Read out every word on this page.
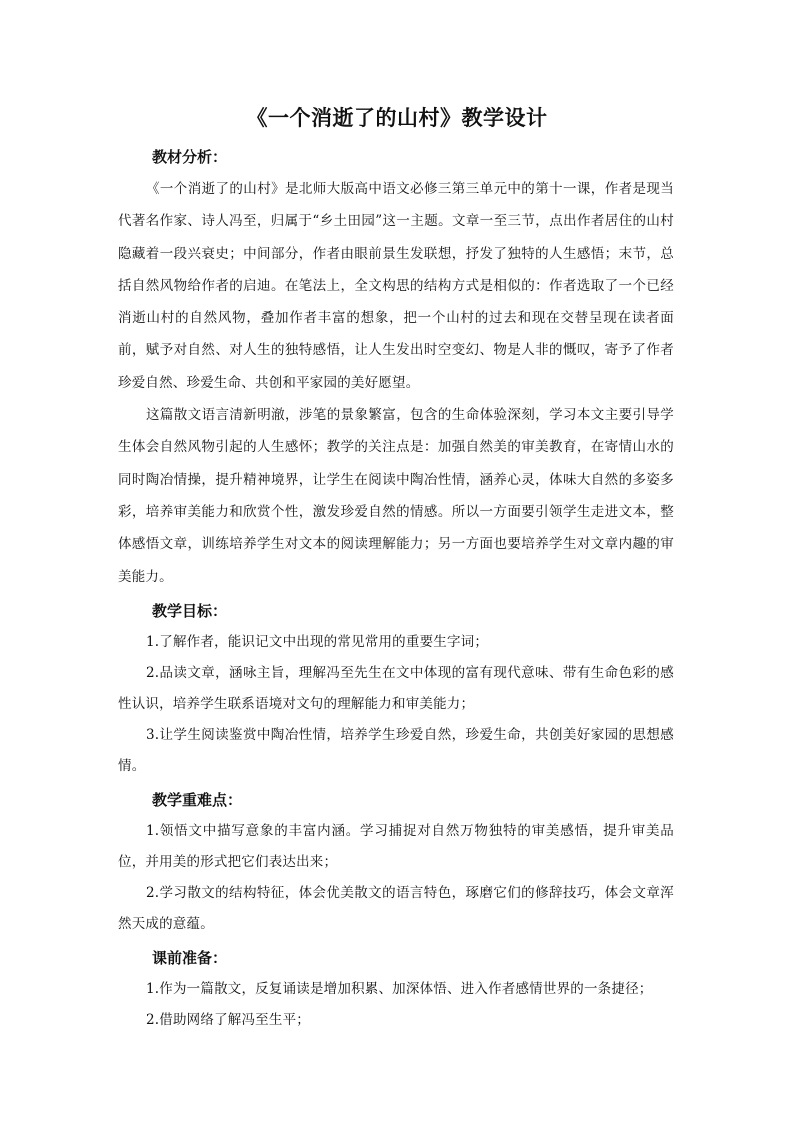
《一个消逝了的山村》教学设计
教材分析：

《一个消逝了的山村》是北师大版高中语文必修三第三单元中的第十一课，作者是现当代著名作家、诗人冯至，归属于“乡土田园”这一主题。文章一至三节，点出作者居住的山村隐藏着一段兴衰史；中间部分，作者由眼前景生发联想，抒发了独特的人生感悟；末节，总括自然风物给作者的启迪。在笔法上，全文构思的结构方式是相似的：作者选取了一个已经消逝山村的自然风物，叠加作者丰富的想象，把一个山村的过去和现在交替呈现在读者面前，赋予对自然、对人生的独特感悟，让人生发出时空变幻、物是人非的慨叹，寄予了作者珍爱自然、珍爱生命、共创和平家园的美好愿望。

这篇散文语言清新明澈，涉笔的景象繁富，包含的生命体验深刻，学习本文主要引导学生体会自然风物引起的人生感怀；教学的关注点是：加强自然美的审美教育，在寄情山水的同时陶冶情操，提升精神境界，让学生在阅读中陶冶性情，涵养心灵，体味大自然的多姿多彩，培养审美能力和欣赏个性，激发珍爱自然的情感。所以一方面要引领学生走进文本，整体感悟文章，训练培养学生对文本的阅读理解能力；另一方面也要培养学生对文章内趣的审美能力。

教学目标：

1.了解作者，能识记文中出现的常见常用的重要生字词；

2.品读文章，涵咏主旨，理解冯至先生在文中体现的富有现代意味、带有生命色彩的感性认识，培养学生联系语境对文句的理解能力和审美能力；

3.让学生阅读鉴赏中陶冶性情，培养学生珍爱自然，珍爱生命，共创美好家园的思想感情。

教学重难点：

1.领悟文中描写意象的丰富内涵。学习捕捉对自然万物独特的审美感悟，提升审美品位，并用美的形式把它们表达出来；

2.学习散文的结构特征，体会优美散文的语言特色，琢磨它们的修辞技巧，体会文章浑然天成的意蕴。

课前准备：

1.作为一篇散文，反复诵读是增加积累、加深体悟、进入作者感情世界的一条捷径；

2.借助网络了解冯至生平；
